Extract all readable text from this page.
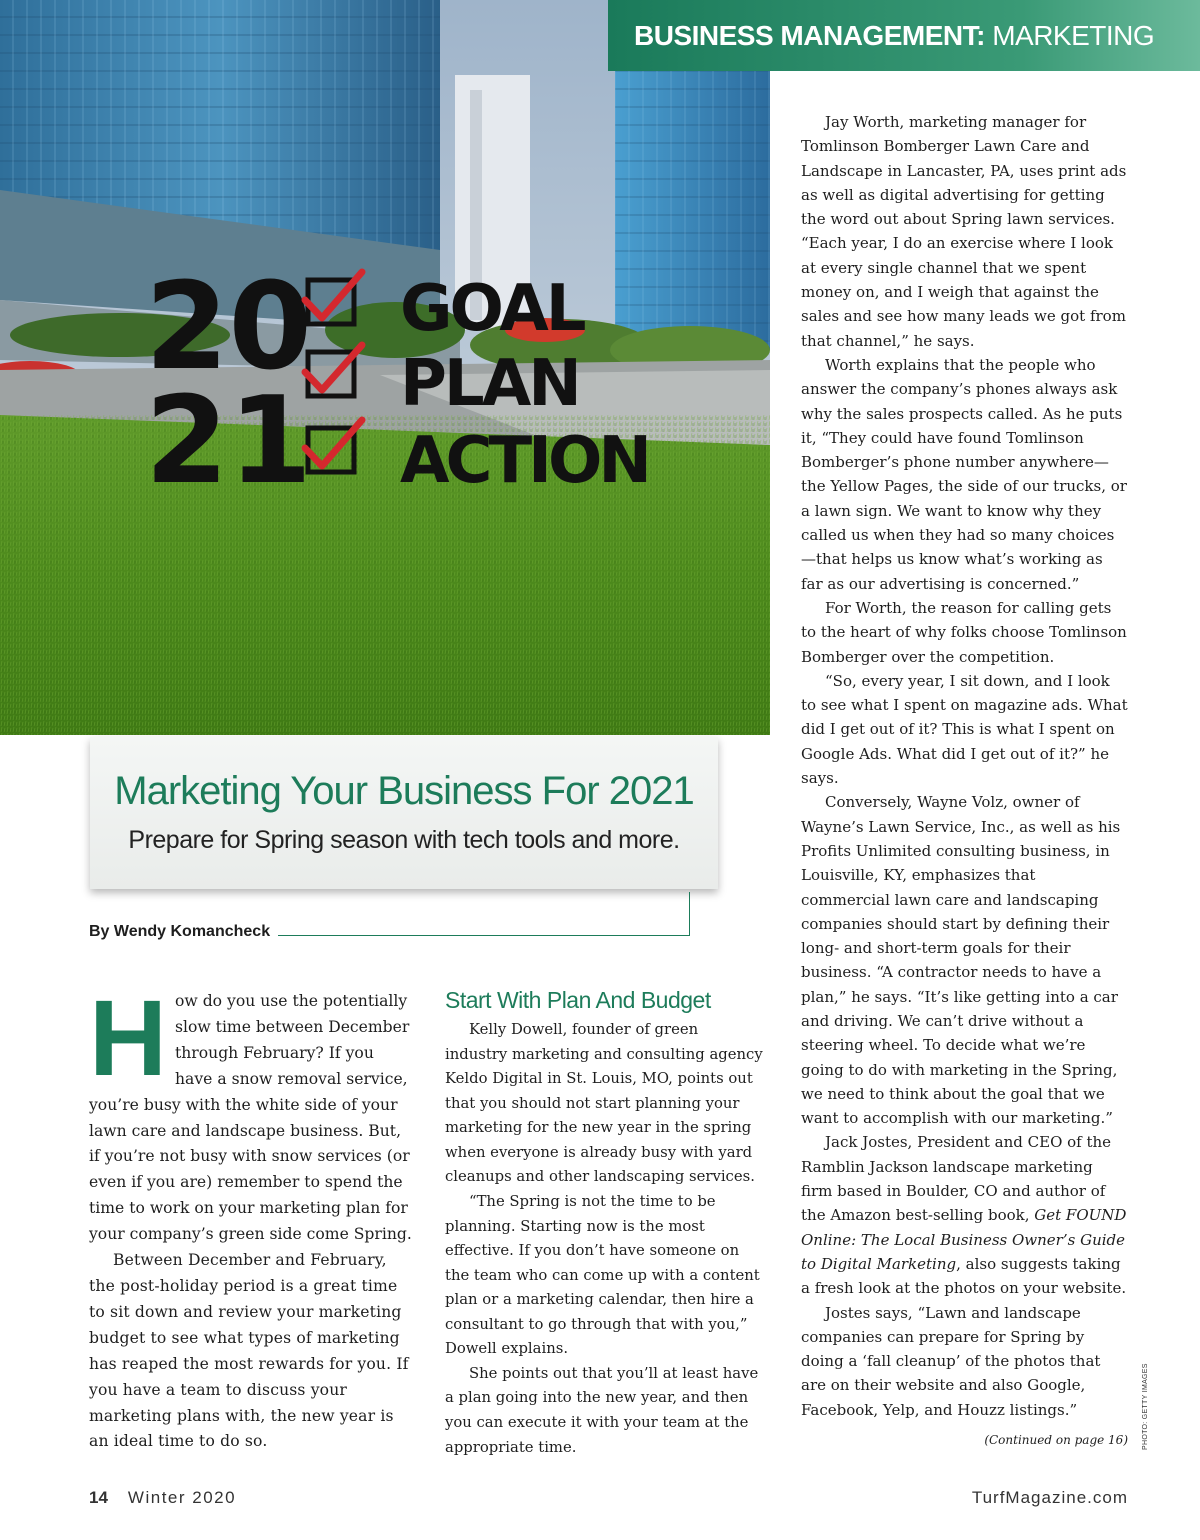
20
21
GOAL
PLAN
ACTION
BUSINESS MANAGEMENT: MARKETING
Marketing Your Business For 2021
Prepare for Spring season with tech tools and more.
By Wendy Komancheck
H ow do you use the potentially slow time between December through February? If you have a snow removal service, you’re busy with the white side of your lawn care and landscape business. But, if you’re not busy with snow services (or even if you are) remember to spend the time to work on your marketing plan for your company’s green side come Spring.

Between December and February, the post-holiday period is a great time to sit down and review your marketing budget to see what types of marketing has reaped the most rewards for you. If you have a team to discuss your marketing plans with, the new year is an ideal time to do so.

Start With Plan And Budget

Kelly Dowell, founder of green industry marketing and consulting agency Keldo Digital in St. Louis, MO, points out that you should not start planning your marketing for the new year in the spring when everyone is already busy with yard cleanups and other landscaping services.

“The Spring is not the time to be planning. Starting now is the most effective. If you don’t have someone on the team who can come up with a content plan or a marketing calendar, then hire a consultant to go through that with you,” Dowell explains.

She points out that you’ll at least have a plan going into the new year, and then you can execute it with your team at the appropriate time.

Jay Worth, marketing manager for Tomlinson Bomberger Lawn Care and Landscape in Lancaster, PA, uses print ads as well as digital advertising for getting the word out about Spring lawn services. “Each year, I do an exercise where I look at every single channel that we spent money on, and I weigh that against the sales and see how many leads we got from that channel,” he says.

Worth explains that the people who answer the company’s phones always ask why the sales prospects called. As he puts it, “They could have found Tomlinson Bomberger’s phone number anywhere—the Yellow Pages, the side of our trucks, or a lawn sign. We want to know why they called us when they had so many choices—that helps us know what’s working as far as our advertising is concerned.”

For Worth, the reason for calling gets to the heart of why folks choose Tomlinson Bomberger over the competition.

“So, every year, I sit down, and I look to see what I spent on magazine ads. What did I get out of it? This is what I spent on Google Ads. What did I get out of it?” he says.

Conversely, Wayne Volz, owner of Wayne’s Lawn Service, Inc., as well as his Profits Unlimited consulting business, in Louisville, KY, emphasizes that commercial lawn care and landscaping companies should start by defining their long- and short-term goals for their business. “A contractor needs to have a plan,” he says. “It’s like getting into a car and driving. We can’t drive without a steering wheel. To decide what we’re going to do with marketing in the Spring, we need to think about the goal that we want to accomplish with our marketing.”

Jack Jostes, President and CEO of the Ramblin Jackson landscape marketing firm based in Boulder, CO and author of the Amazon best-selling book, Get FOUND Online: The Local Business Owner’s Guide to Digital Marketing, also suggests taking a fresh look at the photos on your website.

Jostes says, “Lawn and landscape companies can prepare for Spring by doing a ‘fall cleanup’ of the photos that are on their website and also Google, Facebook, Yelp, and Houzz listings.”

(Continued on page 16) PHOTO: GETTY IMAGES
14 Winter 2020	TurfMagazine.com
